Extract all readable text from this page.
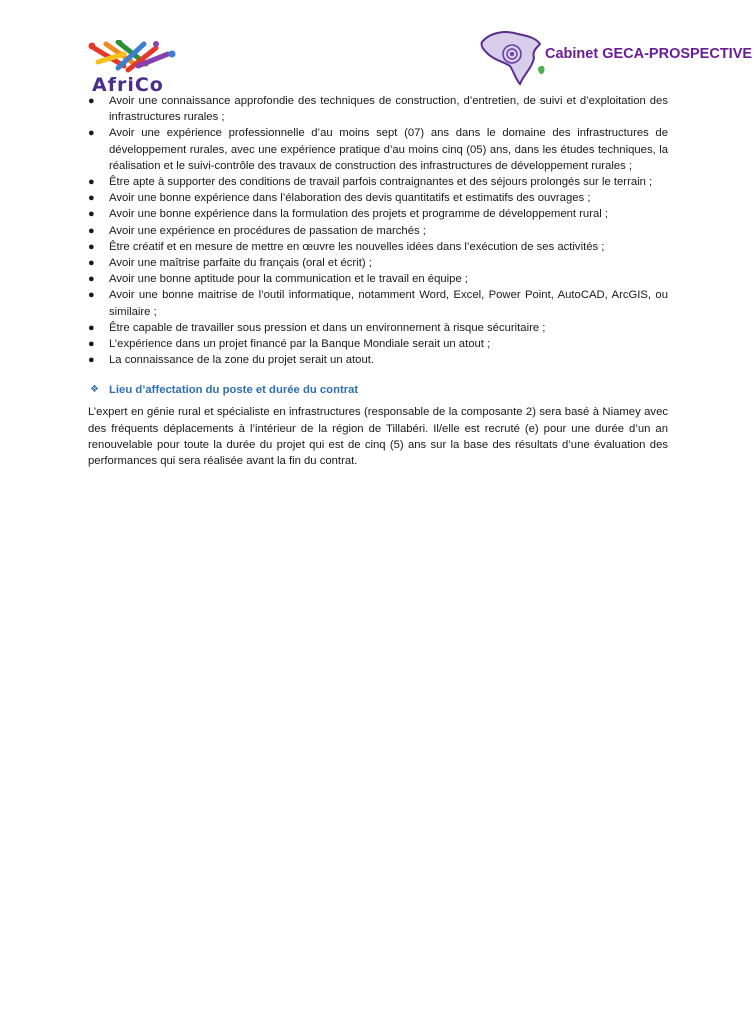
AfriCo
Cabinet GECA-PROSPECTIVE
● Avoir une connaissance approfondie des techniques de construction, d’entretien, de suivi et d’exploitation des infrastructures rurales ;
● Avoir une expérience professionnelle d’au moins sept (07) ans dans le domaine des infrastructures de développement rurales, avec une expérience pratique d’au moins cinq (05) ans, dans les études techniques, la réalisation et le suivi-contrôle des travaux de construction des infrastructures de développement rurales ;
● Être apte à supporter des conditions de travail parfois contraignantes et des séjours prolongés sur le terrain ;
● Avoir une bonne expérience dans l’élaboration des devis quantitatifs et estimatifs des ouvrages ;
● Avoir une bonne expérience dans la formulation des projets et programme de développement rural ;
● Avoir une expérience en procédures de passation de marchés ;
● Être créatif et en mesure de mettre en œuvre les nouvelles idées dans l’exécution de ses activités ;
● Avoir une maîtrise parfaite du français (oral et écrit) ;
● Avoir une bonne aptitude pour la communication et le travail en équipe ;
● Avoir une bonne maitrise de l’outil informatique, notamment Word, Excel, Power Point, AutoCAD, ArcGIS, ou similaire ;
● Être capable de travailler sous pression et dans un environnement à risque sécuritaire ;
● L’expérience dans un projet financé par la Banque Mondiale serait un atout ;
● La connaissance de la zone du projet serait un atout.
❖ Lieu d’affectation du poste et durée du contrat
L’expert en génie rural et spécialiste en infrastructures (responsable de la composante 2) sera basé à Niamey avec des fréquents déplacements à l’intérieur de la région de Tillabéri. Il/elle est recruté (e) pour une durée d’un an renouvelable pour toute la durée du projet qui est de cinq (5) ans sur la base des résultats d’une évaluation des performances qui sera réalisée avant la fin du contrat.
